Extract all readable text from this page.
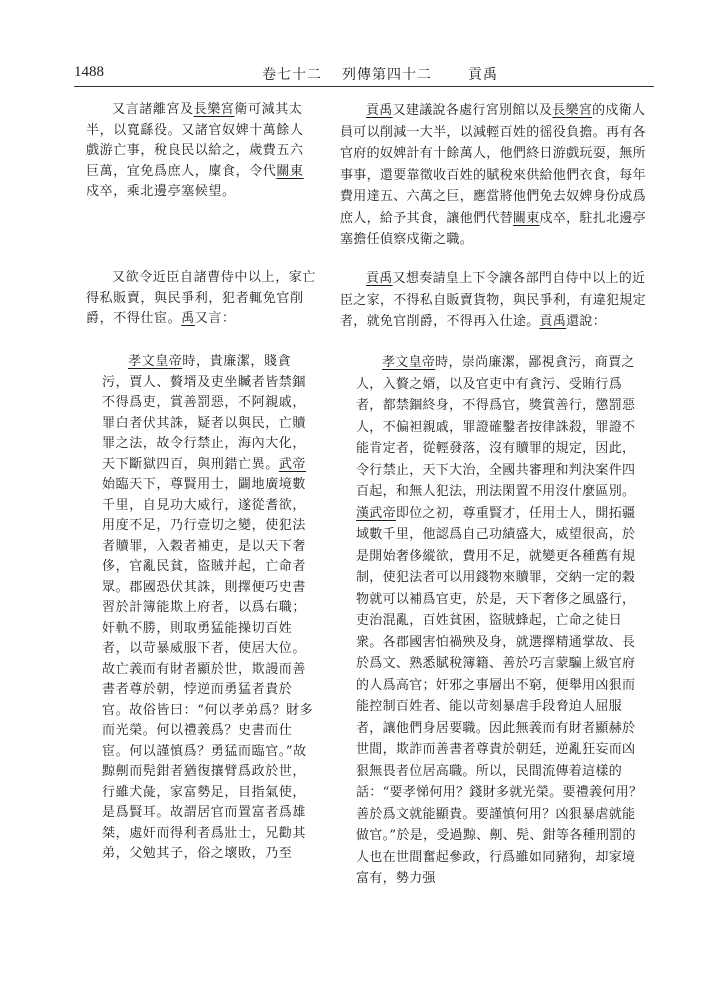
1488	卷七十二 列傳第四十二	貢禹

又言諸離宮及長樂宮衛可減其太半，以寬繇役。又諸官奴婢十萬餘人戲游亡事，稅良民以給之，歲費五六巨萬，宜免爲庶人，廩食，令代關東戍卒，乘北邊亭塞候望。

又欲令近臣自諸曹侍中以上，家亡得私販賣，與民爭利，犯者輒免官削爵，不得仕宦。禹又言：

孝文皇帝時，貴廉潔，賤貪污，賈人、贅壻及吏坐贓者皆禁錮不得爲吏，賞善罰惡，不阿親戚，罪白者伏其誅，疑者以與民，亡贖罪之法，故令行禁止，海內大化，天下斷獄四百，與刑錯亡異。武帝始臨天下，尊賢用士，闢地廣境數千里，自見功大威行，遂從耆欲，用度不足，乃行壹切之變，使犯法者贖罪，入穀者補吏，是以天下奢侈，官亂民貧，盜賊并起，亡命者眾。郡國恐伏其誅，則擇便巧史書習於計簿能欺上府者，以爲右職；奸軌不勝，則取勇猛能操切百姓者，以苛暴威服下者，使居大位。故亡義而有財者顯於世，欺謾而善書者尊於朝，悖逆而勇猛者貴於官。故俗皆曰：“何以孝弟爲？財多而光榮。何以禮義爲？史書而仕宦。何以謹慎爲？勇猛而臨官。”故黥劓而髡鉗者猶復攘臂爲政於世，行雖犬彘，家富勢足，目指氣使，是爲賢耳。故謂居官而置富者爲雄桀，處奸而得利者爲壯士，兄勸其弟，父勉其子，俗之壞敗，乃至

貢禹又建議說各處行宮別館以及長樂宮的戍衛人員可以削減一大半，以減輕百姓的徭役負擔。再有各官府的奴婢計有十餘萬人，他們終日游戲玩耍，無所事事，還要靠徵收百姓的賦稅來供給他們衣食，每年費用達五、六萬之巨，應當將他們免去奴婢身份成爲庶人，給予其食，讓他們代替關東戍卒，駐扎北邊亭塞擔任偵察戍衛之職。

貢禹又想奏請皇上下令讓各部門自侍中以上的近臣之家，不得私自販賣貨物，與民爭利，有違犯規定者，就免官削爵，不得再入仕途。貢禹還說：

孝文皇帝時，崇尚廉潔，鄙視貪污，商賈之人，入贅之婿，以及官吏中有貪污、受賄行爲者，都禁錮終身，不得爲官，獎賞善行，懲罰惡人，不偏袒親戚，罪證確鑿者按律誅殺，罪證不能肯定者，從輕發落，沒有贖罪的規定，因此，令行禁止，天下大治，全國共審理和判決案件四百起，和無人犯法，刑法閑置不用沒什麼區別。漢武帝即位之初，尊重賢才，任用士人，開拓疆域數千里，他認爲自己功績盛大，威望很高，於是開始奢侈縱欲，費用不足，就變更各種舊有規制，使犯法者可以用錢物來贖罪，交納一定的穀物就可以補爲官吏，於是，天下奢侈之風盛行，吏治混亂，百姓貧困，盜賊蜂起，亡命之徒日衆。各郡國害怕禍殃及身，就選擇精通掌故、長於爲文、熟悉賦稅簿籍、善於巧言蒙騙上級官府的人爲高官；奸邪之事層出不窮，便舉用凶狠而能控制百姓者、能以苛刻暴虐手段脅迫人屈服者，讓他們身居要職。因此無義而有財者顯赫於世間，欺詐而善書者尊貴於朝廷，逆亂狂妄而凶狠無畏者位居高職。所以，民間流傳着這樣的話：“要孝悌何用？錢財多就光榮。要禮義何用？善於爲文就能顯貴。要謹慎何用？凶狠暴虐就能做官。”於是，受過黥、劓、髡、鉗等各種刑罰的人也在世間奮起參政，行爲雖如同豬狗，却家境富有，勢力强
